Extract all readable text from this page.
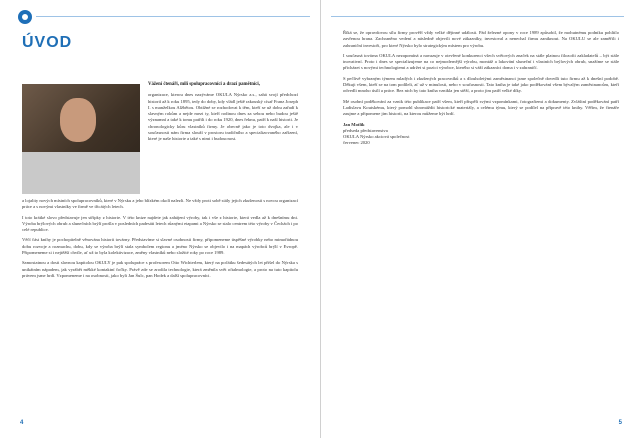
ÚVOD

Vážení čtenáři, milí spolupracovníci a drazí pamětníci,

organizace, kterou dnes nazýváme OKULA Nýrsko a.s., sahá svojí předchozí historií až k roku 1895, tedy do doby, kdy vládl ještě rakouský císař Franz Joseph I. s manželkou Alžbětou. Obtížné se rozhodovat k těm, kteří se už dobu zařadí k slavným rokům a nejde mezi ty, kteří rodinou dnes za sebou nebo budou ještě významní a také k tomu patřili i do roku 1920, dnes řeknu, patří k naší historii. Je chronologicky kůru vlastníků firmy. Je obecně jako je toto dvojka, ale i v současnosti nám firma slouží v prostoru tradičního a specializovaného zařízení, které je naše historie a také s nimi i budoucnost.

a lojality nových místních spolupracovníků, které v Nýrsku a jeho blízkém okolí nalezli. Ne vždy proti sobě stály jejich zkušenosti s novou organizací práce a s novými vlastníky ve firmě ve třicátých letech.

I toto krátké slovo představuje jen střípky z historie. V této knize najdete jak zahájení výroby, tak i vše z historie, která vedla až k dnešnímu dni. Výroba brýlových obrub a slunečních brýlí prošla v posledních padesáti letech různými etapami a Nýrsko se stalo centrem této výroby v Čechách i po celé republice.

Věčí část knihy je pochopitelně věnována historii továrny. Představíme si slavné osobnosti firmy, připomeneme úspěšné výrobky nebo mimořádnou dobu rozvoje a rozmachu, dobu, kdy se výroba brýlí stala symbolem regionu a jméno Nýrsko se objevilo i na mapách výrobců brýlí v Evropě. Připomeneme si i nejtěžší chvíle, ať už to byla kolektivizace, změny vlastníků nebo složité roky po roce 1989.

Samostatnou a dosti slavnou kapitolou OKULY je pak spolupráce s profesorem Otto Wichterlem, který na počátku šedesátých let přišel do Nýrska s unikátním nápadem, jak vyrábět měkké kontaktní čočky. Právě zde se zrodila technologie, která změnila svět oftalmologie, a proto na tuto kapitolu právem jsme hrdí. Vzpomeneme i na osobnosti, jako byli Jan Šulc, pan Hodek a další spolupracovníci.

4

Říká se, že opravdovou sílu firmy prověří vždy velké dějinné události. Pád železné opony v roce 1989 způsobil, že mohutnému podniku pohltilo zavřenou hrana. Zachraněno vedení a následně objevili nové zákazníky, investoval a nenechal firmu zaniknout. Na OKULU se ale zaměřili i zahraniční investoři, pro které Nýrsko bylo strategickým místem pro výrobu.

I současná továrna OKULA nezapomíná a navazuje v otevřené konkurenci všech světových značek na stále platnou filozofii zakladatelů – být stále inovativní. Proto i dnes se specializujeme na co nejmodernější výrobu, montáž a lakování sluneční i vlastních brýlových obrub, snažíme se stále přicházet s novými technologiemi a udržet si pozici výrobce, kterého si váží zákazníci doma i v zahraničí.

S pečlivě vybraným týmem mladých i zkušených pracovníků a s dlouholetými zaměstnanci jsme společně dovedli tuto firmu až k dnešní podobě. Děkuji všem, kteří se na tom podíleli, ať už v minulosti, nebo v současnosti. Tato kniha je také jako poděkování všem bývalým zaměstnancům, kteří odvedli mnoho úsilí a práce. Bez nich by tato kniha vznikla jen stěží, a proto jim patří velké díky.

Mé osobní poděkování za vznik této publikace patří všem, kteří přispěli svými vzpomínkami, fotografiemi a dokumenty. Zvláštní poděkování patří Ladislavu Koutskému, který pomohl shromáždit historické materiály, a celému týmu, který se podílel na přípravě této knihy. Věřím, že čtenáře zaujme a připomene jim historii, na kterou můžeme být hrdí.

Jan Motlík

předseda představenstva

OKULA Nýrsko akciová společnost

červenec 2020

5
